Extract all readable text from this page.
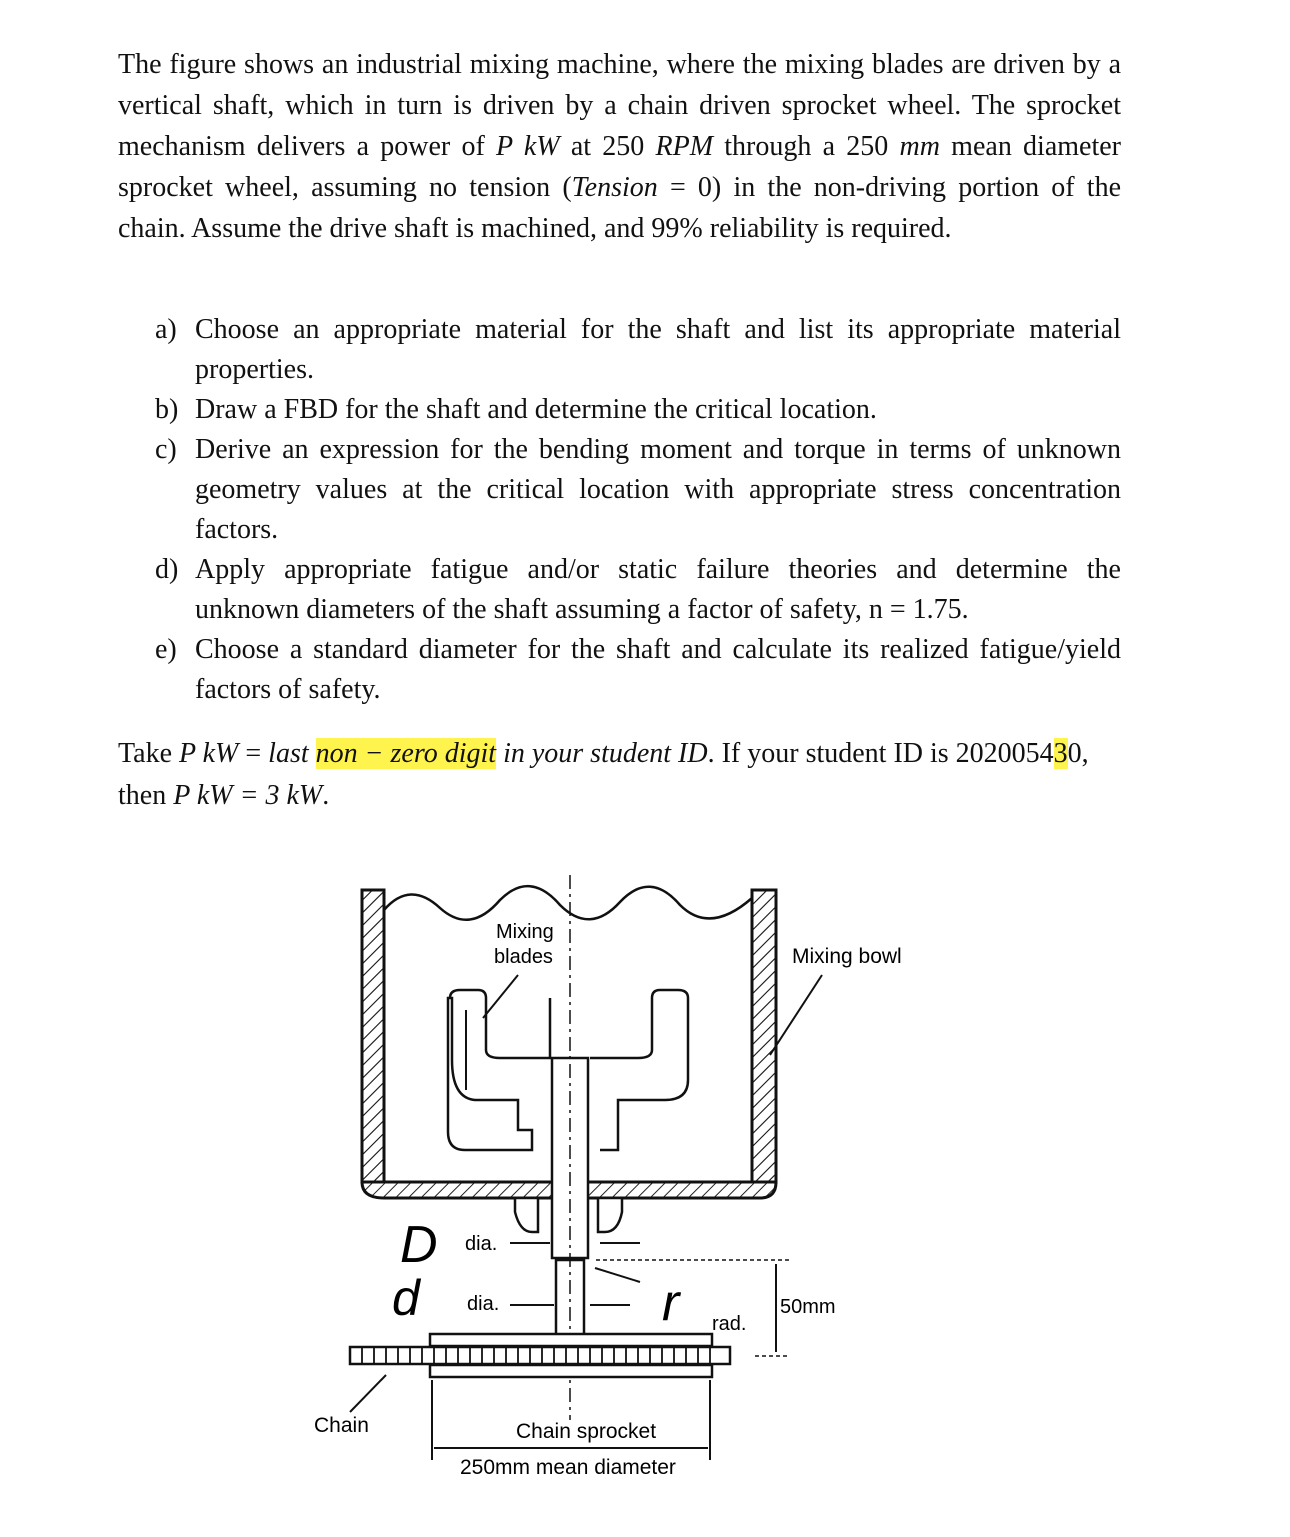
The figure shows an industrial mixing machine, where the mixing blades are driven by a vertical shaft, which in turn is driven by a chain driven sprocket wheel. The sprocket mechanism delivers a power of P kW at 250 RPM through a 250 mm mean diameter sprocket wheel, assuming no tension (Tension = 0) in the non-driving portion of the chain. Assume the drive shaft is machined, and 99% reliability is required.

a) Choose an appropriate material for the shaft and list its appropriate material properties.
b) Draw a FBD for the shaft and determine the critical location.
c) Derive an expression for the bending moment and torque in terms of unknown geometry values at the critical location with appropriate stress concentration factors.
d) Apply appropriate fatigue and/or static failure theories and determine the unknown diameters of the shaft assuming a factor of safety, n = 1.75.
e) Choose a standard diameter for the shaft and calculate its realized fatigue/yield factors of safety.
Take P kW = last non − zero digit in your student ID. If your student ID is 202005430, then P kW = 3 kW.
Mixing
blades	Mixing bowl
D
d
dia.
dia.	r rad.
50mm
Chain	Chain sprocket
250mm mean diameter
